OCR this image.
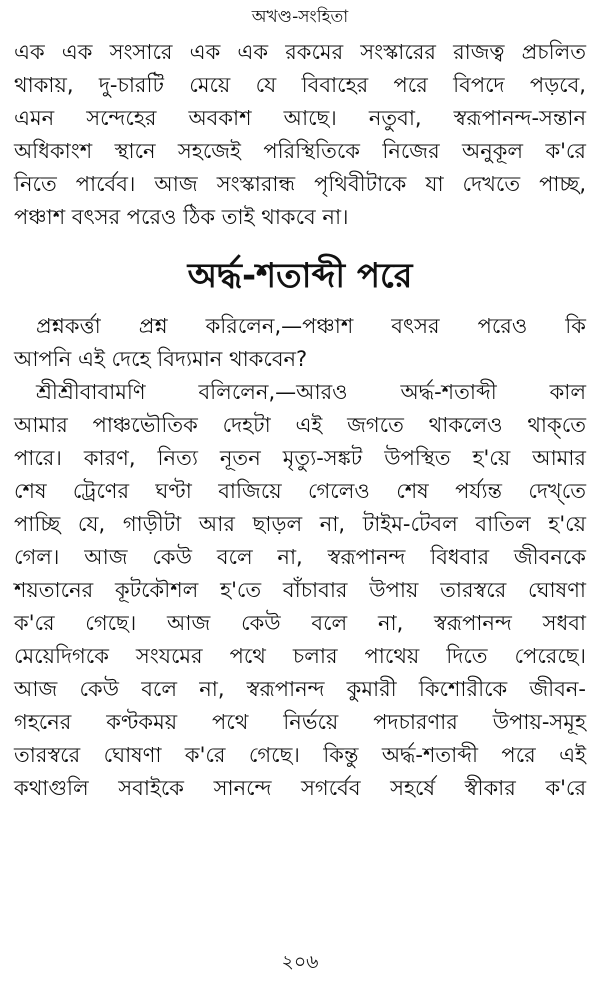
অখণ্ড-সংহিতা

এক এক সংসারে এক এক রকমের সংস্কারের রাজত্ব প্রচলিত
থাকায়, দু-চারটি মেয়ে যে বিবাহের পরে বিপদে পড়বে,
এমন সন্দেহের অবকাশ আছে। নতুবা, স্বরূপানন্দ-সন্তান
অধিকাংশ স্থানে সহজেই পরিস্থিতিকে নিজের অনুকূল ক'রে
নিতে পার্বেব। আজ সংস্কারান্ধ পৃথিবীটাকে যা দেখতে পাচ্ছ,
পঞ্চাশ বৎসর পরেও ঠিক তাই থাকবে না।

অর্দ্ধ-শতাব্দী পরে

প্রশ্নকর্ত্তা প্রশ্ন করিলেন,—পঞ্চাশ বৎসর পরেও কি
আপনি এই দেহে বিদ্যমান থাকবেন?

শ্রীশ্রীবাবামণি বলিলেন,—আরও অর্দ্ধ-শতাব্দী কাল
আমার পাঞ্চভৌতিক দেহটা এই জগতে থাকলেও থাক্‌তে
পারে। কারণ, নিত্য নূতন মৃত্যু-সঙ্কট উপস্থিত হ'য়ে আমার
শেষ ট্রেণের ঘণ্টা বাজিয়ে গেলেও শেষ পর্য্যন্ত দেখ্‌তে
পাচ্ছি যে, গাড়ীটা আর ছাড়ল না, টাইম-টেবল বাতিল হ'য়ে
গেল। আজ কেউ বলে না, স্বরূপানন্দ বিধবার জীবনকে
শয়তানের কূটকৌশল হ'তে বাঁচাবার উপায় তারস্বরে ঘোষণা
ক'রে গেছে। আজ কেউ বলে না, স্বরূপানন্দ সধবা
মেয়েদিগকে সংযমের পথে চলার পাথেয় দিতে পেরেছে।
আজ কেউ বলে না, স্বরূপানন্দ কুমারী কিশোরীকে জীবন-
গহনের কণ্টকময় পথে নির্ভয়ে পদচারণার উপায়-সমূহ
তারস্বরে ঘোষণা ক'রে গেছে। কিন্তু অর্দ্ধ-শতাব্দী পরে এই
কথাগুলি সবাইকে সানন্দে সগর্বেব সহর্ষে স্বীকার ক'রে

২০৬
